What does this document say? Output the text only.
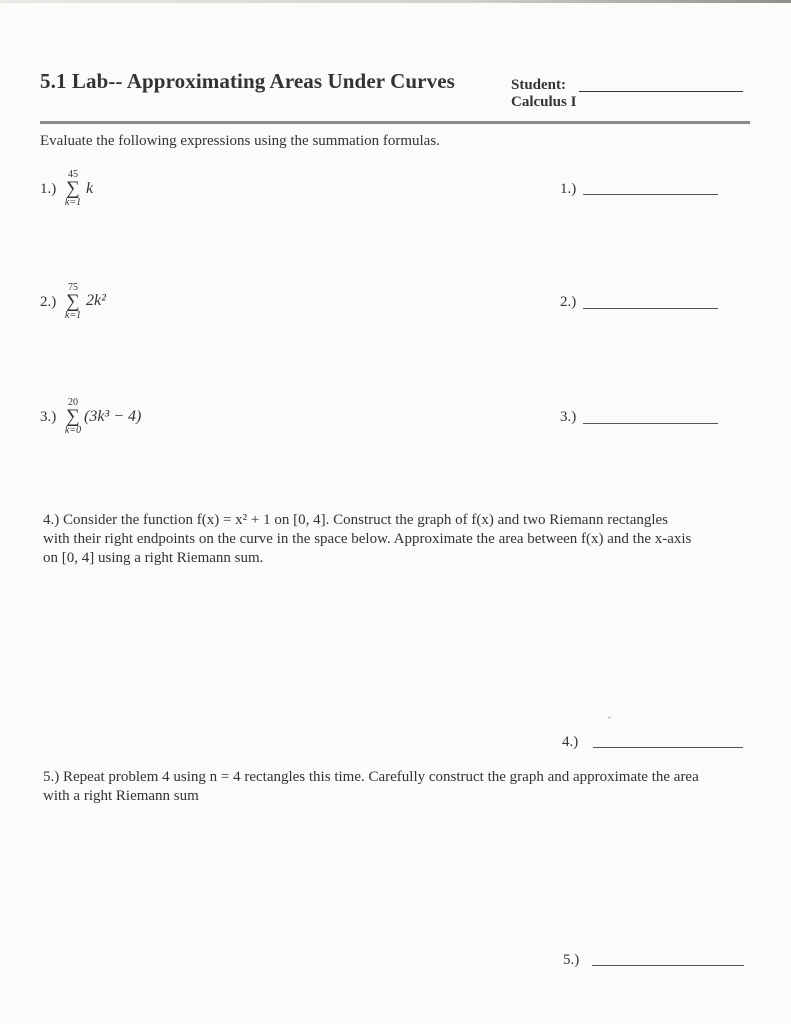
5.1 Lab-- Approximating Areas Under Curves	Student:
Calculus I
Evaluate the following expressions using the summation formulas.
1.)
45
∑
k=1
k	1.)
2.)
75
∑
k=1
2k²	2.)
3.)
20
∑
k=0
(3k³ − 4)	3.)
4.) Consider the function f(x) = x² + 1 on [0, 4]. Construct the graph of f(x) and two Riemann rectangles
with their right endpoints on the curve in the space below. Approximate the area between f(x) and the x-axis
on [0, 4] using a right Riemann sum.
4.)
5.) Repeat problem 4 using n = 4 rectangles this time. Carefully construct the graph and approximate the area
with a right Riemann sum
5.)
